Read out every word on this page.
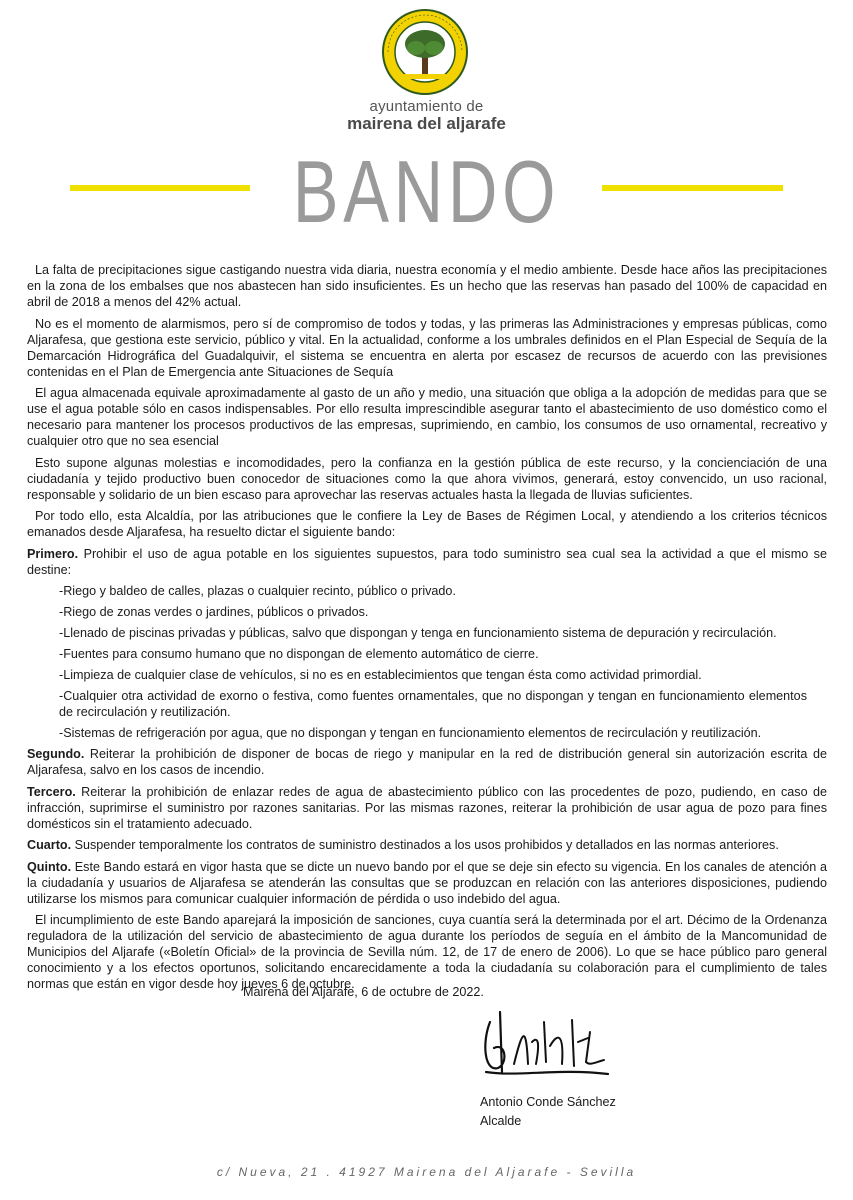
ayuntamiento de
mairena del aljarafe
BANDO

La falta de precipitaciones sigue castigando nuestra vida diaria, nuestra economía y el medio ambiente. Desde hace años las precipitaciones en la zona de los embalses que nos abastecen han sido insuficientes. Es un hecho que las reservas han pasado del 100% de capacidad en abril de 2018 a menos del 42% actual.

No es el momento de alarmismos, pero sí de compromiso de todos y todas, y las primeras las Administraciones y empresas públicas, como Aljarafesa, que gestiona este servicio, público y vital. En la actualidad, conforme a los umbrales definidos en el Plan Especial de Sequía de la Demarcación Hidrográfica del Guadalquivir, el sistema se encuentra en alerta por escasez de recursos de acuerdo con las previsiones contenidas en el Plan de Emergencia ante Situaciones de Sequía

El agua almacenada equivale aproximadamente al gasto de un año y medio, una situación que obliga a la adopción de medidas para que se use el agua potable sólo en casos indispensables. Por ello resulta imprescindible asegurar tanto el abastecimiento de uso doméstico como el necesario para mantener los procesos productivos de las empresas, suprimiendo, en cambio, los consumos de uso ornamental, recreativo y cualquier otro que no sea esencial

Esto supone algunas molestias e incomodidades, pero la confianza en la gestión pública de este recurso, y la concienciación de una ciudadanía y tejido productivo buen conocedor de situaciones como la que ahora vivimos, generará, estoy convencido, un uso racional, responsable y solidario de un bien escaso para aprovechar las reservas actuales hasta la llegada de lluvias suficientes.

Por todo ello, esta Alcaldía, por las atribuciones que le confiere la Ley de Bases de Régimen Local, y atendiendo a los criterios técnicos emanados desde Aljarafesa, ha resuelto dictar el siguiente bando:

Primero. Prohibir el uso de agua potable en los siguientes supuestos, para todo suministro sea cual sea la actividad a que el mismo se destine:

-Riego y baldeo de calles, plazas o cualquier recinto, público o privado.

-Riego de zonas verdes o jardines, públicos o privados.

-Llenado de piscinas privadas y públicas, salvo que dispongan y tenga en funcionamiento sistema de depuración y recirculación.

-Fuentes para consumo humano que no dispongan de elemento automático de cierre.

-Limpieza de cualquier clase de vehículos, si no es en establecimientos que tengan ésta como actividad primordial.

-Cualquier otra actividad de exorno o festiva, como fuentes ornamentales, que no dispongan y tengan en funcionamiento elementos de recirculación y reutilización.

-Sistemas de refrigeración por agua, que no dispongan y tengan en funcionamiento elementos de recirculación y reutilización.

Segundo. Reiterar la prohibición de disponer de bocas de riego y manipular en la red de distribución general sin autorización escrita de Aljarafesa, salvo en los casos de incendio.

Tercero. Reiterar la prohibición de enlazar redes de agua de abastecimiento público con las procedentes de pozo, pudiendo, en caso de infracción, suprimirse el suministro por razones sanitarias. Por las mismas razones, reiterar la prohibición de usar agua de pozo para fines domésticos sin el tratamiento adecuado.

Cuarto. Suspender temporalmente los contratos de suministro destinados a los usos prohibidos y detallados en las normas anteriores.

Quinto. Este Bando estará en vigor hasta que se dicte un nuevo bando por el que se deje sin efecto su vigencia. En los canales de atención a la ciudadanía y usuarios de Aljarafesa se atenderán las consultas que se produzcan en relación con las anteriores disposiciones, pudiendo utilizarse los mismos para comunicar cualquier información de pérdida o uso indebido del agua.

El incumplimiento de este Bando aparejará la imposición de sanciones, cuya cuantía será la determinada por el art. Décimo de la Ordenanza reguladora de la utilización del servicio de abastecimiento de agua durante los períodos de seguía en el ámbito de la Mancomunidad de Municipios del Aljarafe («Boletín Oficial» de la provincia de Sevilla núm. 12, de 17 de enero de 2006). Lo que se hace público paro general conocimiento y a los efectos oportunos, solicitando encarecidamente a toda la ciudadanía su colaboración para el cumplimiento de tales normas que están en vigor desde hoy jueves 6 de octubre.

Mairena del Aljarafe, 6 de octubre de 2022.
Antonio Conde Sánchez
Alcalde
c/ Nueva, 21 . 41927 Mairena del Aljarafe - Sevilla
